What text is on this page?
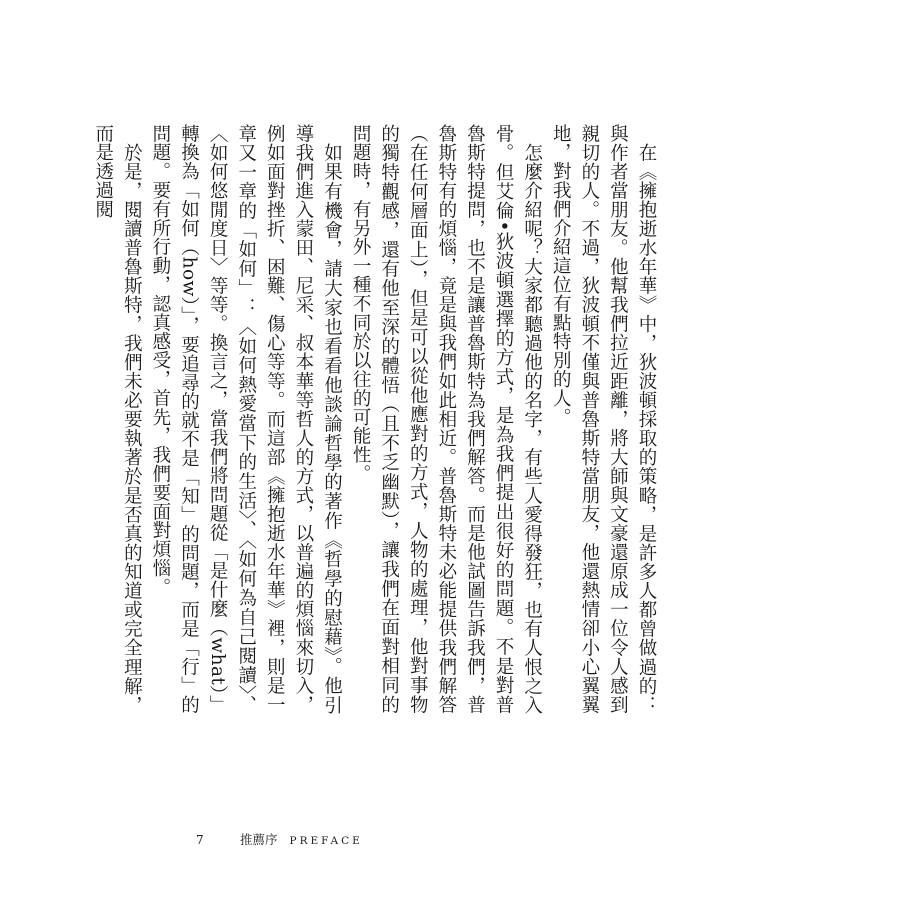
在《擁抱逝水年華》中，狄波頓採取的策略，是許多人都曾做過的：與作者當朋友。他幫我們拉近距離，將大師與文豪還原成一位令人感到親切的人。不過，狄波頓不僅與普魯斯特當朋友，他還熱情卻小心翼翼地，對我們介紹這位有點特別的人。

怎麼介紹呢？大家都聽過他的名字，有些人愛得發狂，也有人恨之入骨。但艾倫•狄波頓選擇的方式，是為我們提出很好的問題。不是對普魯斯特提問，也不是讓普魯斯特為我們解答。而是他試圖告訴我們，普魯斯特有的煩惱，竟是與我們如此相近。普魯斯特未必能提供我們解答（在任何層面上），但是可以從他應對的方式，人物的處理，他對事物的獨特觀感，還有他至深的體悟（且不乏幽默），讓我們在面對相同的問題時，有另外一種不同於以往的可能性。

如果有機會，請大家也看看他談論哲學的著作《哲學的慰藉》。他引導我們進入蒙田、尼采、叔本華等哲人的方式，以普遍的煩惱來切入，例如面對挫折、困難、傷心等等。而這部《擁抱逝水年華》裡，則是一章又一章的「如何」：〈如何熱愛當下的生活〉、〈如何為自己閱讀〉、〈如何悠閒度日〉等等。換言之，當我們將問題從「是什麼（what）」轉換為「如何（how）」，要追尋的就不是「知」的問題，而是「行」的問題。要有所行動，認真感受，首先，我們要面對煩惱。

於是，閱讀普魯斯特，我們未必要執著於是否真的知道或完全理解，而是透過閱

7	推薦序 PREFACE
